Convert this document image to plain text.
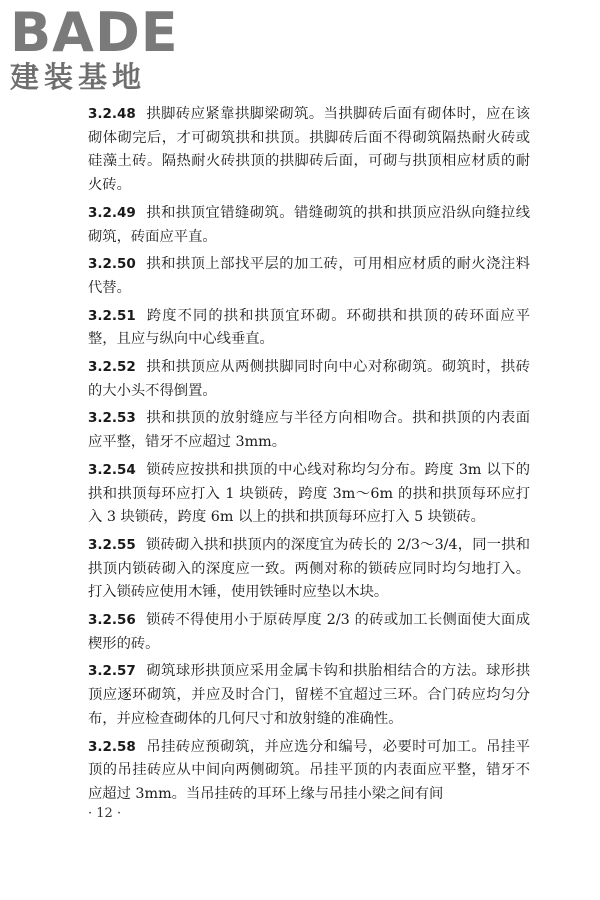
BADE
建装基地

3.2.48 拱脚砖应紧靠拱脚梁砌筑。当拱脚砖后面有砌体时，应在该砌体砌完后，才可砌筑拱和拱顶。拱脚砖后面不得砌筑隔热耐火砖或硅藻土砖。隔热耐火砖拱顶的拱脚砖后面，可砌与拱顶相应材质的耐火砖。

3.2.49 拱和拱顶宜错缝砌筑。错缝砌筑的拱和拱顶应沿纵向缝拉线砌筑，砖面应平直。

3.2.50 拱和拱顶上部找平层的加工砖，可用相应材质的耐火浇注料代替。

3.2.51 跨度不同的拱和拱顶宜环砌。环砌拱和拱顶的砖环面应平整，且应与纵向中心线垂直。

3.2.52 拱和拱顶应从两侧拱脚同时向中心对称砌筑。砌筑时，拱砖的大小头不得倒置。

3.2.53 拱和拱顶的放射缝应与半径方向相吻合。拱和拱顶的内表面应平整，错牙不应超过 3mm。

3.2.54 锁砖应按拱和拱顶的中心线对称均匀分布。跨度 3m 以下的拱和拱顶每环应打入 1 块锁砖，跨度 3m～6m 的拱和拱顶每环应打入 3 块锁砖，跨度 6m 以上的拱和拱顶每环应打入 5 块锁砖。

3.2.55 锁砖砌入拱和拱顶内的深度宜为砖长的 2/3～3/4，同一拱和拱顶内锁砖砌入的深度应一致。两侧对称的锁砖应同时均匀地打入。打入锁砖应使用木锤，使用铁锤时应垫以木块。

3.2.56 锁砖不得使用小于原砖厚度 2/3 的砖或加工长侧面使大面成楔形的砖。

3.2.57 砌筑球形拱顶应采用金属卡钩和拱胎相结合的方法。球形拱顶应逐环砌筑，并应及时合门，留槎不宜超过三环。合门砖应均匀分布，并应检查砌体的几何尺寸和放射缝的准确性。

3.2.58 吊挂砖应预砌筑，并应选分和编号，必要时可加工。吊挂平顶的吊挂砖应从中间向两侧砌筑。吊挂平顶的内表面应平整，错牙不应超过 3mm。当吊挂砖的耳环上缘与吊挂小梁之间有间

· 12 ·
